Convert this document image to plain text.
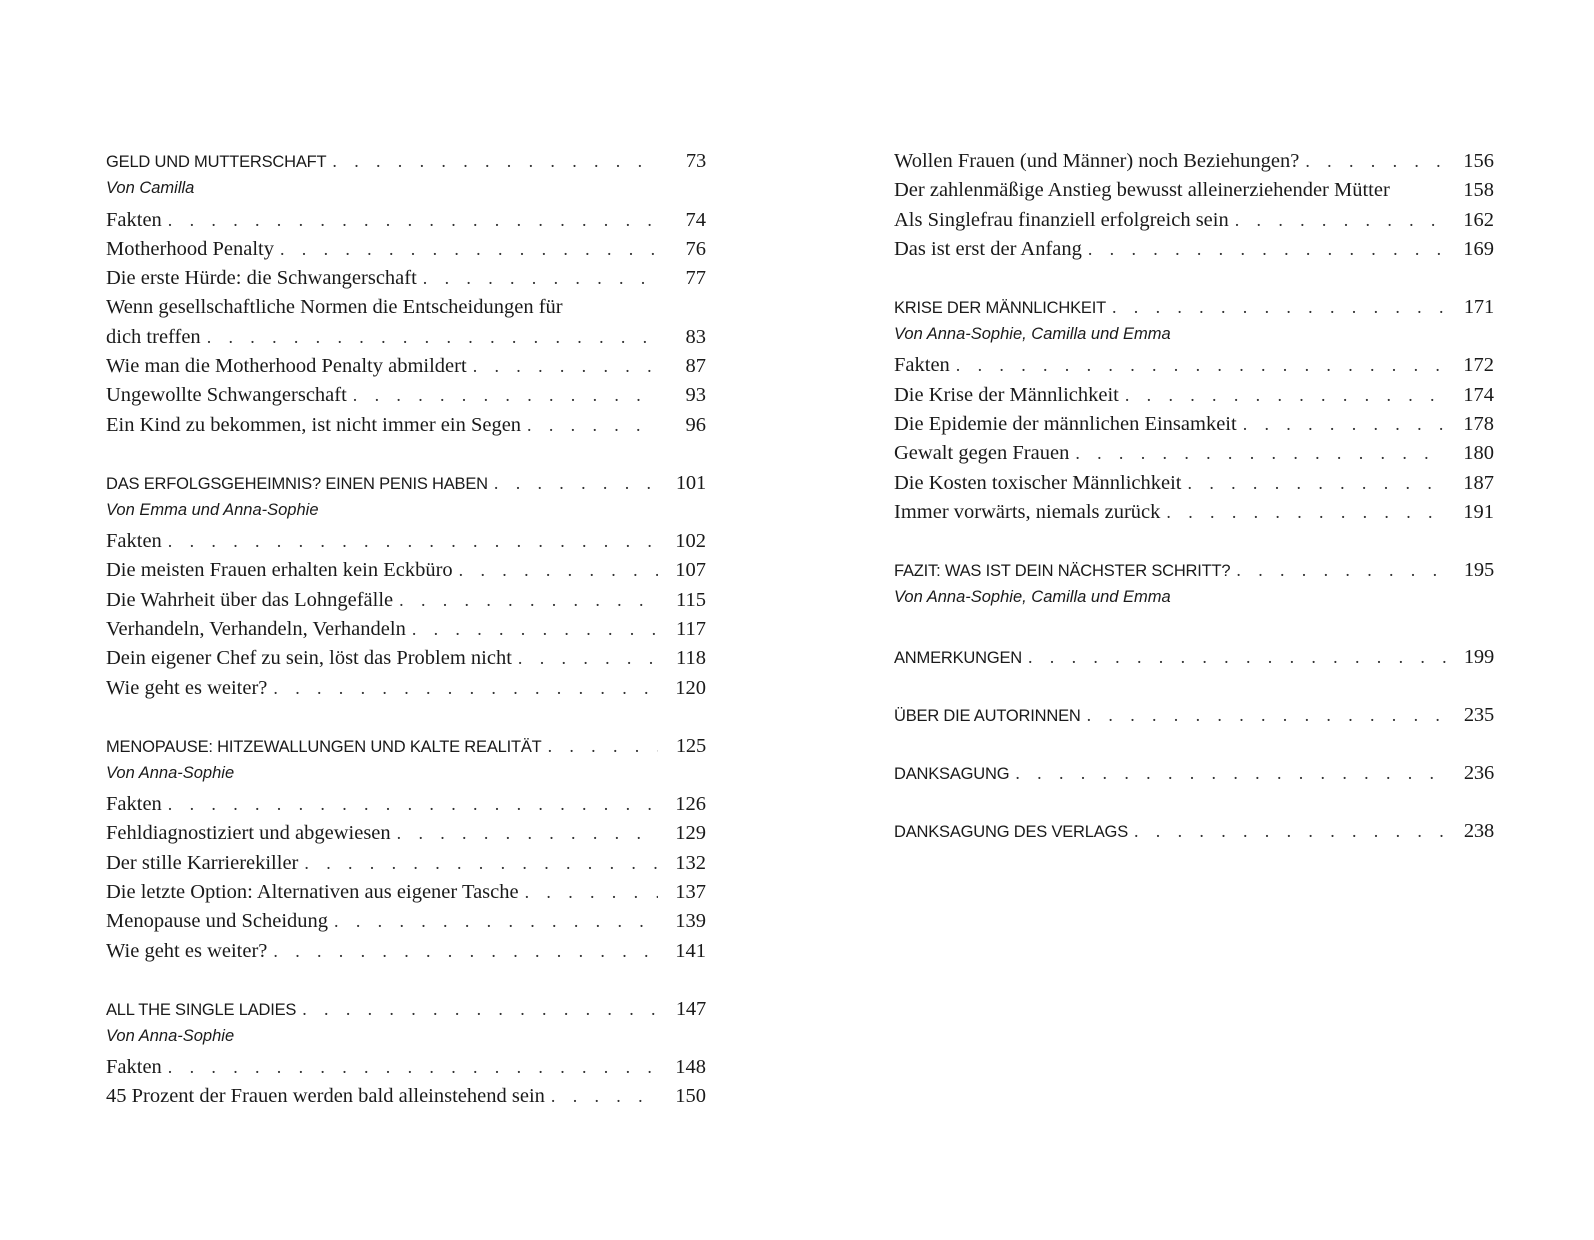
GELD UND MUTTERSCHAFT . . .	73
Von Camilla
Fakten . . .	74
Motherhood Penalty . . .	76
Die erste Hürde: die Schwangerschaft . . .	77
Wenn gesellschaftliche Normen die Entscheidungen für
dich treffen . . .	83
Wie man die Motherhood Penalty abmildert . . .	87
Ungewollte Schwangerschaft . . .	93
Ein Kind zu bekommen, ist nicht immer ein Segen . . .	96
DAS ERFOLGSGEHEIMNIS? EINEN PENIS HABEN . . .	101
Von Emma und Anna-Sophie
Fakten . . .	102
Die meisten Frauen erhalten kein Eckbüro . . .	107
Die Wahrheit über das Lohngefälle . . .	115
Verhandeln, Verhandeln, Verhandeln . . .	117
Dein eigener Chef zu sein, löst das Problem nicht . . .	118
Wie geht es weiter? . . .	120
MENOPAUSE: HITZEWALLUNGEN UND KALTE REALITÄT . . .	125
Von Anna-Sophie
Fakten . . .	126
Fehldiagnostiziert und abgewiesen . . .	129
Der stille Karrierekiller . . .	132
Die letzte Option: Alternativen aus eigener Tasche . . .	137
Menopause und Scheidung . . .	139
Wie geht es weiter? . . .	141
ALL THE SINGLE LADIES . . .	147
Von Anna-Sophie
Fakten . . .	148
45 Prozent der Frauen werden bald alleinstehend sein . . .	150
Wollen Frauen (und Männer) noch Beziehungen? . . .	156
Der zahlenmäßige Anstieg bewusst alleinerziehender Mütter	158
Als Singlefrau finanziell erfolgreich sein . . .	162
Das ist erst der Anfang . . .	169
KRISE DER MÄNNLICHKEIT . . .	171
Von Anna-Sophie, Camilla und Emma
Fakten . . .	172
Die Krise der Männlichkeit . . .	174
Die Epidemie der männlichen Einsamkeit . . .	178
Gewalt gegen Frauen . . .	180
Die Kosten toxischer Männlichkeit . . .	187
Immer vorwärts, niemals zurück . . .	191
FAZIT: WAS IST DEIN NÄCHSTER SCHRITT? . . .	195
Von Anna-Sophie, Camilla und Emma
ANMERKUNGEN . . .	199
ÜBER DIE AUTORINNEN . . .	235
DANKSAGUNG . . .	236
DANKSAGUNG DES VERLAGS . . .	238
